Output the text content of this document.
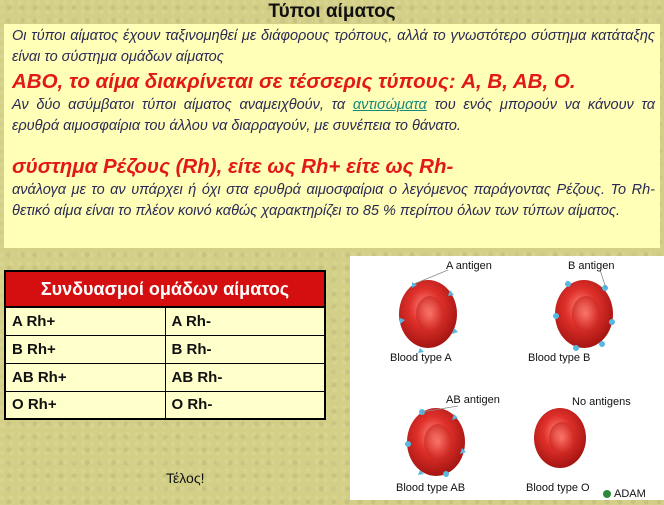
Τύποι αίματος

Οι τύποι αίματος έχουν ταξινομηθεί με διάφορους τρόπους, αλλά το γνωστότερο σύστημα κατάταξης είναι το σύστημα ομάδων αίματος

ABO, το αίμα διακρίνεται σε τέσσερις τύπους: A, B, AB, O.

Αν δύο ασύμβατοι τύποι αίματος αναμειχθούν, τα αντισώματα του ενός μπορούν να κάνουν τα ερυθρά αιμοσφαίρια του άλλου να διαρραγούν, με συνέπεια το θάνατο.

σύστημα Ρέζους (Rh), είτε ως Rh+ είτε ως Rh-

ανάλογα με το αν υπάρχει ή όχι στα ερυθρά αιμοσφαίρια ο λεγόμενος παράγοντας Ρέζους. Το Rh-θετικό αίμα είναι το πλέον κοινό καθώς χαρακτηρίζει το 85 % περίπου όλων των τύπων αίματος.

Συνδυασμοί ομάδων αίματος	
A Rh+	A Rh-
B Rh+	B Rh-
AB Rh+	AB Rh-
O Rh+	O Rh-
Τέλος!
A antigen	B antigen
Blood type A	Blood type B
AB antigen	No antigens
Blood type AB	Blood type O ADAM
